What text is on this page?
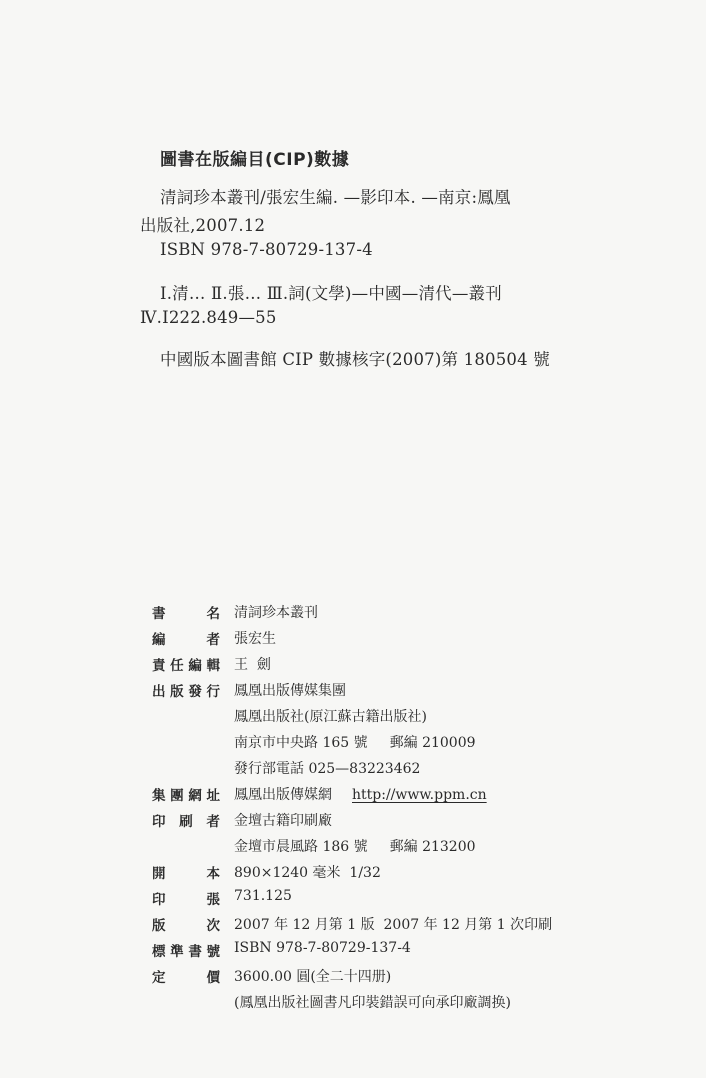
圖書在版編目(CIP)數據
清詞珍本叢刊/張宏生編. —影印本. —南京:鳳凰
出版社,2007.12
ISBN 978-7-80729-137-4
Ⅰ.清… Ⅱ.張… Ⅲ.詞(文學)—中國—清代—叢刊
Ⅳ.I222.849—55
中國版本圖書館 CIP 數據核字(2007)第 180504 號
書名 清詞珍本叢刊
編者 張宏生
責任編輯 王  劍
出版發行 鳳凰出版傳媒集團
鳳凰出版社(原江蘇古籍出版社)
南京市中央路 165 號 郵編 210009
發行部電話 025—83223462
集團網址 鳳凰出版傳媒網 http://www.ppm.cn
印刷者 金壇古籍印刷廠
金壇市晨風路 186 號 郵編 213200
開本 890×1240 毫米  1/32
印張 731.125
版次 2007 年 12 月第 1 版  2007 年 12 月第 1 次印刷
標準書號 ISBN 978-7-80729-137-4
定價 3600.00 圓(全二十四册)
(鳳凰出版社圖書凡印裝錯誤可向承印廠調换)
